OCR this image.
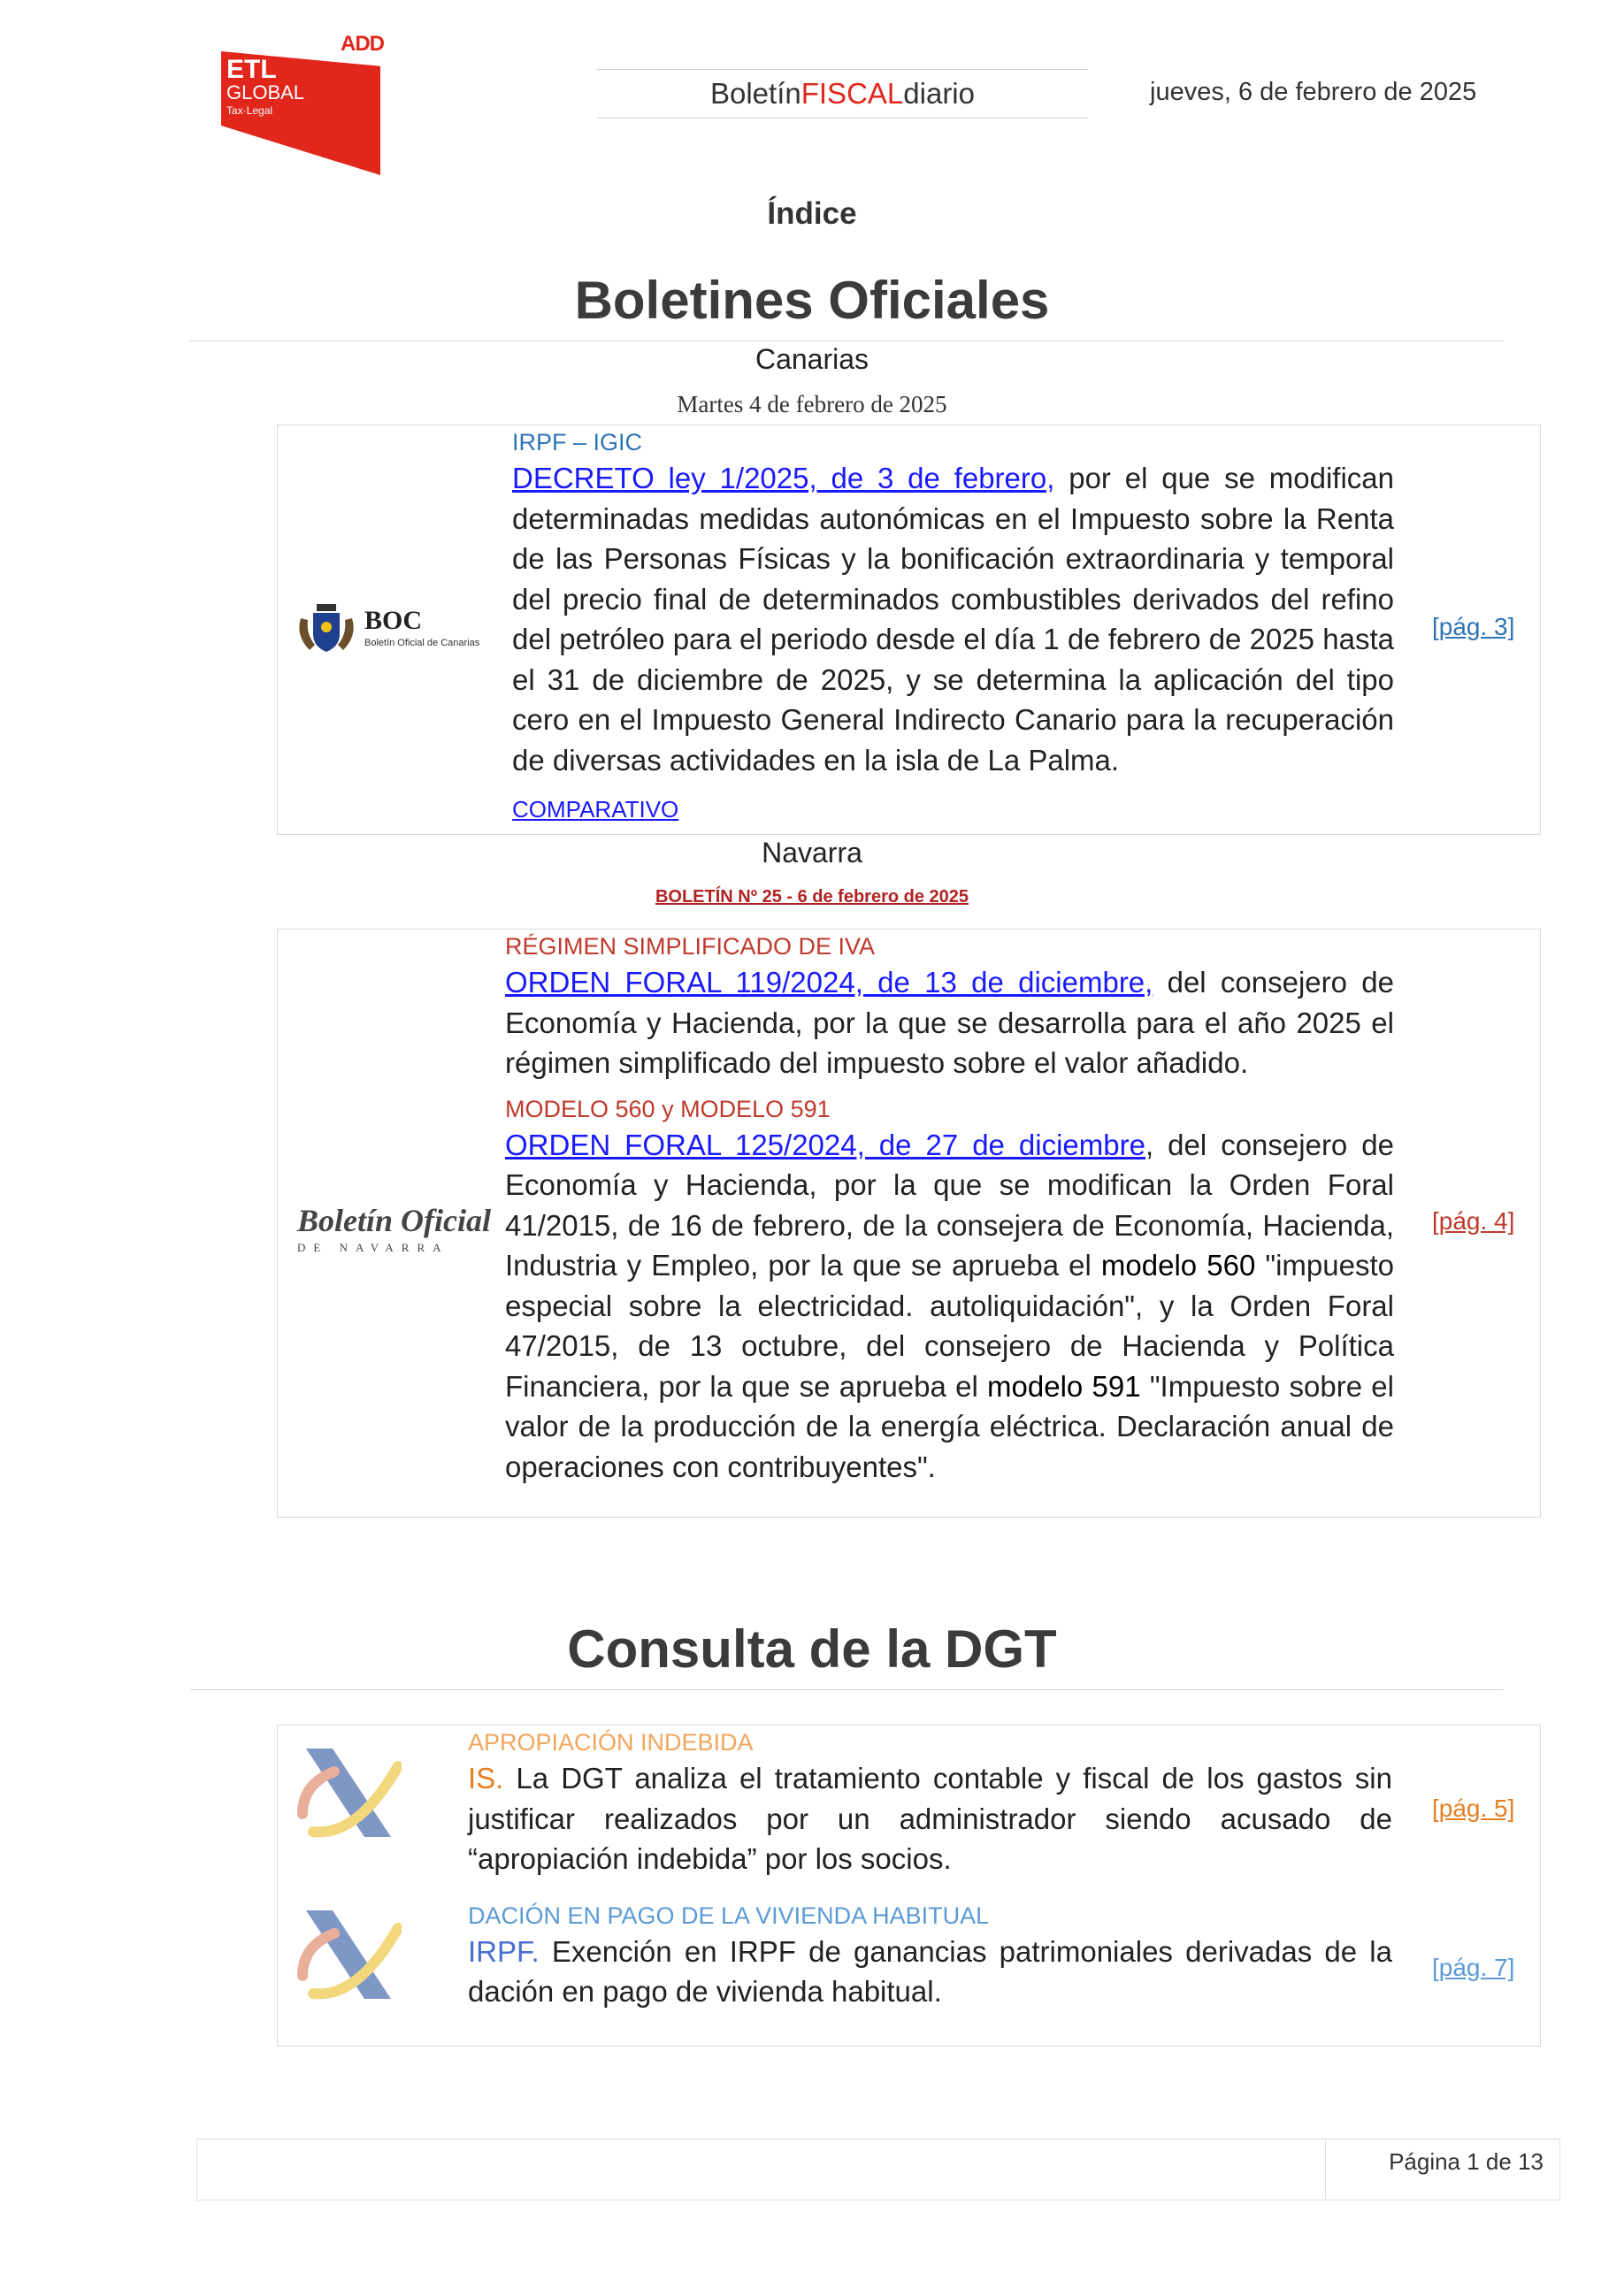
ADD
ETL
GLOBAL
Tax·Legal
Boletín FISCAL diario	jueves, 6 de febrero de 2025
Índice
Boletines Oficiales
Canarias
Martes 4 de febrero de 2025
BOC
Boletín Oficial de Canarias
IRPF – IGIC
DECRETO ley 1/2025, de 3 de febrero, por el que se modifican determinadas medidas autonómicas en el Impuesto sobre la Renta de las Personas Físicas y la bonificación extraordinaria y temporal del precio final de determinados combustibles derivados del refino del petróleo para el periodo desde el día 1 de febrero de 2025 hasta el 31 de diciembre de 2025, y se determina la aplicación del tipo cero en el Impuesto General Indirecto Canario para la recuperación de diversas actividades en la isla de La Palma.
COMPARATIVO
[pág. 3]
Navarra
BOLETÍN Nº 25 - 6 de febrero de 2025
Boletín Oficial
DE NAVARRA
RÉGIMEN SIMPLIFICADO DE IVA
ORDEN FORAL 119/2024, de 13 de diciembre, del consejero de Economía y Hacienda, por la que se desarrolla para el año 2025 el régimen simplificado del impuesto sobre el valor añadido.
MODELO 560 y MODELO 591
ORDEN FORAL 125/2024, de 27 de diciembre, del consejero de Economía y Hacienda, por la que se modifican la Orden Foral 41/2015, de 16 de febrero, de la consejera de Economía, Hacienda, Industria y Empleo, por la que se aprueba el modelo 560 "impuesto especial sobre la electricidad. autoliquidación", y la Orden Foral 47/2015, de 13 octubre, del consejero de Hacienda y Política Financiera, por la que se aprueba el modelo 591 "Impuesto sobre el valor de la producción de la energía eléctrica. Declaración anual de operaciones con contribuyentes".
[pág. 4]
Consulta de la DGT
APROPIACIÓN INDEBIDA
IS. La DGT analiza el tratamiento contable y fiscal de los gastos sin justificar realizados por un administrador siendo acusado de “apropiación indebida” por los socios.
DACIÓN EN PAGO DE LA VIVIENDA HABITUAL
IRPF. Exención en IRPF de ganancias patrimoniales derivadas de la dación en pago de vivienda habitual.
[pág. 5]
[pág. 7]
Página 1 de 13
